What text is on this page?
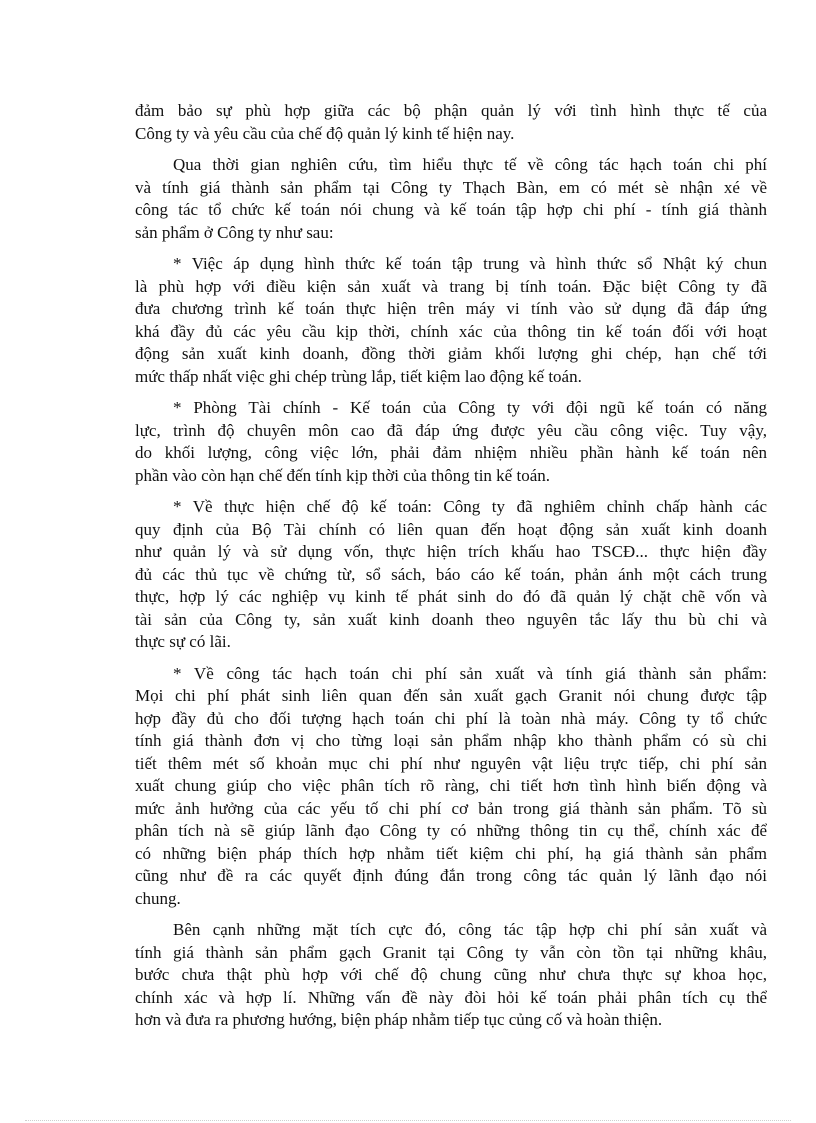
đảm bảo sự phù hợp giữa các bộ phận quản lý với tình hình thực tế của
Công ty và yêu cầu của chế độ quản lý kinh tế hiện nay.
Qua thời gian nghiên cứu, tìm hiểu thực tế về công tác hạch toán chi phí
và tính giá thành sản phẩm tại Công ty Thạch Bàn, em có mét sè nhận xé về
công tác tổ chức kế toán nói chung và kế toán tập hợp chi phí - tính giá thành
sản phẩm ở Công ty như sau:
* Việc áp dụng hình thức kế toán tập trung và hình thức sổ Nhật ký chun
là phù hợp với điều kiện sản xuất và trang bị tính toán. Đặc biệt Công ty đã
đưa chương trình kế toán thực hiện trên máy vi tính vào sử dụng đã đáp ứng
khá đầy đủ các yêu cầu kịp thời, chính xác của thông tin kế toán đối với hoạt
động sản xuất kinh doanh, đồng thời giảm khối lượng ghi chép, hạn chế tới
mức thấp nhất việc ghi chép trùng lắp, tiết kiệm lao động kế toán.
* Phòng Tài chính - Kế toán của Công ty với đội ngũ kế toán có năng
lực, trình độ chuyên môn cao đã đáp ứng được yêu cầu công việc. Tuy vậy,
do khối lượng, công việc lớn, phải đảm nhiệm nhiều phần hành kế toán nên
phần vào còn hạn chế đến tính kịp thời của thông tin kế toán.
* Về thực hiện chế độ kế toán: Công ty đã nghiêm chỉnh chấp hành các
quy định của Bộ Tài chính có liên quan đến hoạt động sản xuất kinh doanh
như quản lý và sử dụng vốn, thực hiện trích khấu hao TSCĐ... thực hiện đầy
đủ các thủ tục về chứng từ, sổ sách, báo cáo kế toán, phản ánh một cách trung
thực, hợp lý các nghiệp vụ kinh tế phát sinh do đó đã quản lý chặt chẽ vốn và
tài sản của Công ty, sản xuất kinh doanh theo nguyên tắc lấy thu bù chi và
thực sự có lãi.
* Về công tác hạch toán chi phí sản xuất và tính giá thành sản phẩm:
Mọi chi phí phát sinh liên quan đến sản xuất gạch Granit nói chung được tập
hợp đầy đủ cho đối tượng hạch toán chi phí là toàn nhà máy. Công ty tổ chức
tính giá thành đơn vị cho từng loại sản phẩm nhập kho thành phẩm có sù chi
tiết thêm mét số khoản mục chi phí như nguyên vật liệu trực tiếp, chi phí sản
xuất chung giúp cho việc phân tích rõ ràng, chi tiết hơn tình hình biến động và
mức ảnh hưởng của các yếu tố chi phí cơ bản trong giá thành sản phẩm. Tõ sù
phân tích nà sẽ giúp lãnh đạo Công ty có những thông tin cụ thể, chính xác để
có những biện pháp thích hợp nhằm tiết kiệm chi phí, hạ giá thành sản phẩm
cũng như đề ra các quyết định đúng đắn trong công tác quản lý lãnh đạo nói
chung.
Bên cạnh những mặt tích cực đó, công tác tập hợp chi phí sản xuất và
tính giá thành sản phẩm gạch Granit tại Công ty vẫn còn tồn tại những khâu,
bước chưa thật phù hợp với chế độ chung cũng như chưa thực sự khoa học,
chính xác và hợp lí. Những vấn đề này đòi hỏi kế toán phải phân tích cụ thể
hơn và đưa ra phương hướng, biện pháp nhằm tiếp tục củng cố và hoàn thiện.
